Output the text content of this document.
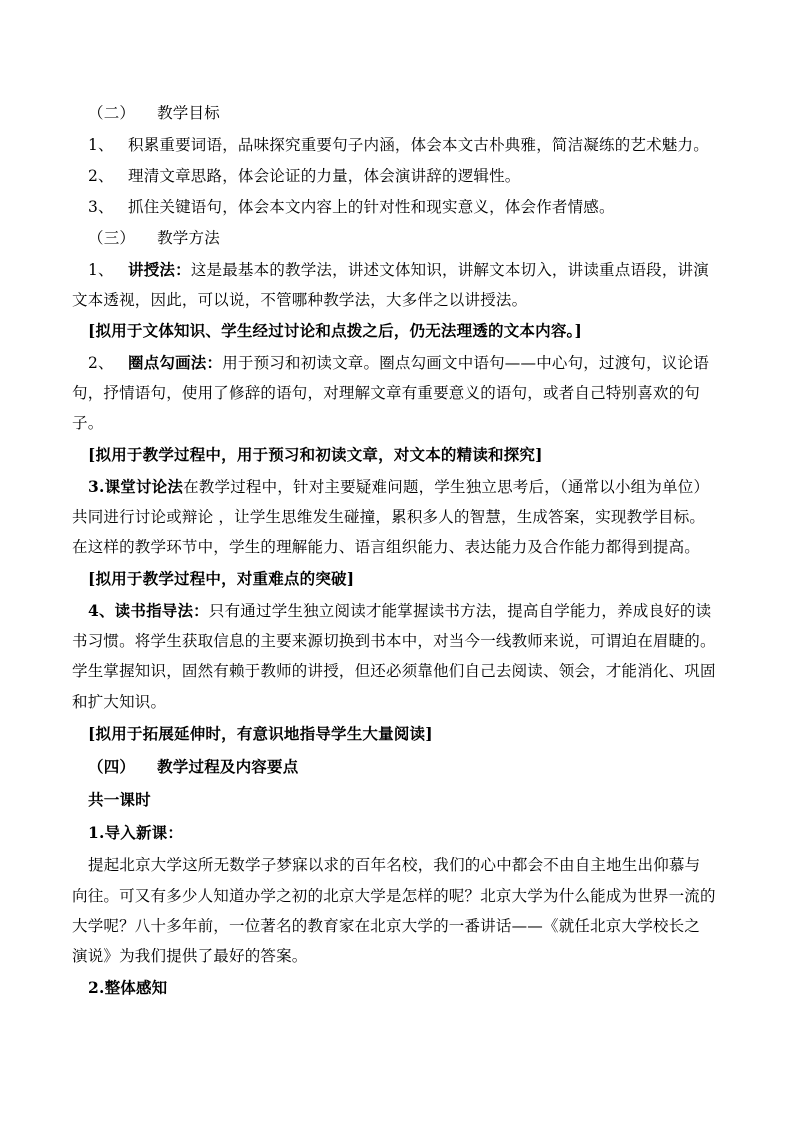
（二） 教学目标
1、 积累重要词语，品味探究重要句子内涵，体会本文古朴典雅，简洁凝练的艺术魅力。
2、 理清文章思路，体会论证的力量，体会演讲辞的逻辑性。
3、 抓住关键语句，体会本文内容上的针对性和现实意义，体会作者情感。
（三） 教学方法
1、 讲授法：这是最基本的教学法，讲述文体知识，讲解文本切入，讲读重点语段，讲演
文本透视，因此，可以说，不管哪种教学法，大多伴之以讲授法。
[拟用于文体知识、学生经过讨论和点拨之后，仍无法理透的文本内容。]
2、 圈点勾画法：用于预习和初读文章。圈点勾画文中语句——中心句，过渡句，议论语
句，抒情语句，使用了修辞的语句，对理解文章有重要意义的语句，或者自己特别喜欢的句
子。
[拟用于教学过程中，用于预习和初读文章，对文本的精读和探究]
3.课堂讨论法在教学过程中，针对主要疑难问题，学生独立思考后，（通常以小组为单位）
共同进行讨论或辩论 ，让学生思维发生碰撞，累积多人的智慧，生成答案，实现教学目标。
在这样的教学环节中，学生的理解能力、语言组织能力、表达能力及合作能力都得到提高。
[拟用于教学过程中，对重难点的突破]
4、读书指导法：只有通过学生独立阅读才能掌握读书方法，提高自学能力，养成良好的读
书习惯。将学生获取信息的主要来源切换到书本中，对当今一线教师来说，可谓迫在眉睫的。
学生掌握知识，固然有赖于教师的讲授，但还必须靠他们自己去阅读、领会，才能消化、巩固
和扩大知识。
[拟用于拓展延伸时，有意识地指导学生大量阅读]
（四） 教学过程及内容要点
共一课时
1.导入新课：
提起北京大学这所无数学子梦寐以求的百年名校，我们的心中都会不由自主地生出仰慕与
向往。可又有多少人知道办学之初的北京大学是怎样的呢？北京大学为什么能成为世界一流的
大学呢？八十多年前，一位著名的教育家在北京大学的一番讲话——《就任北京大学校长之
演说》为我们提供了最好的答案。
2.整体感知
